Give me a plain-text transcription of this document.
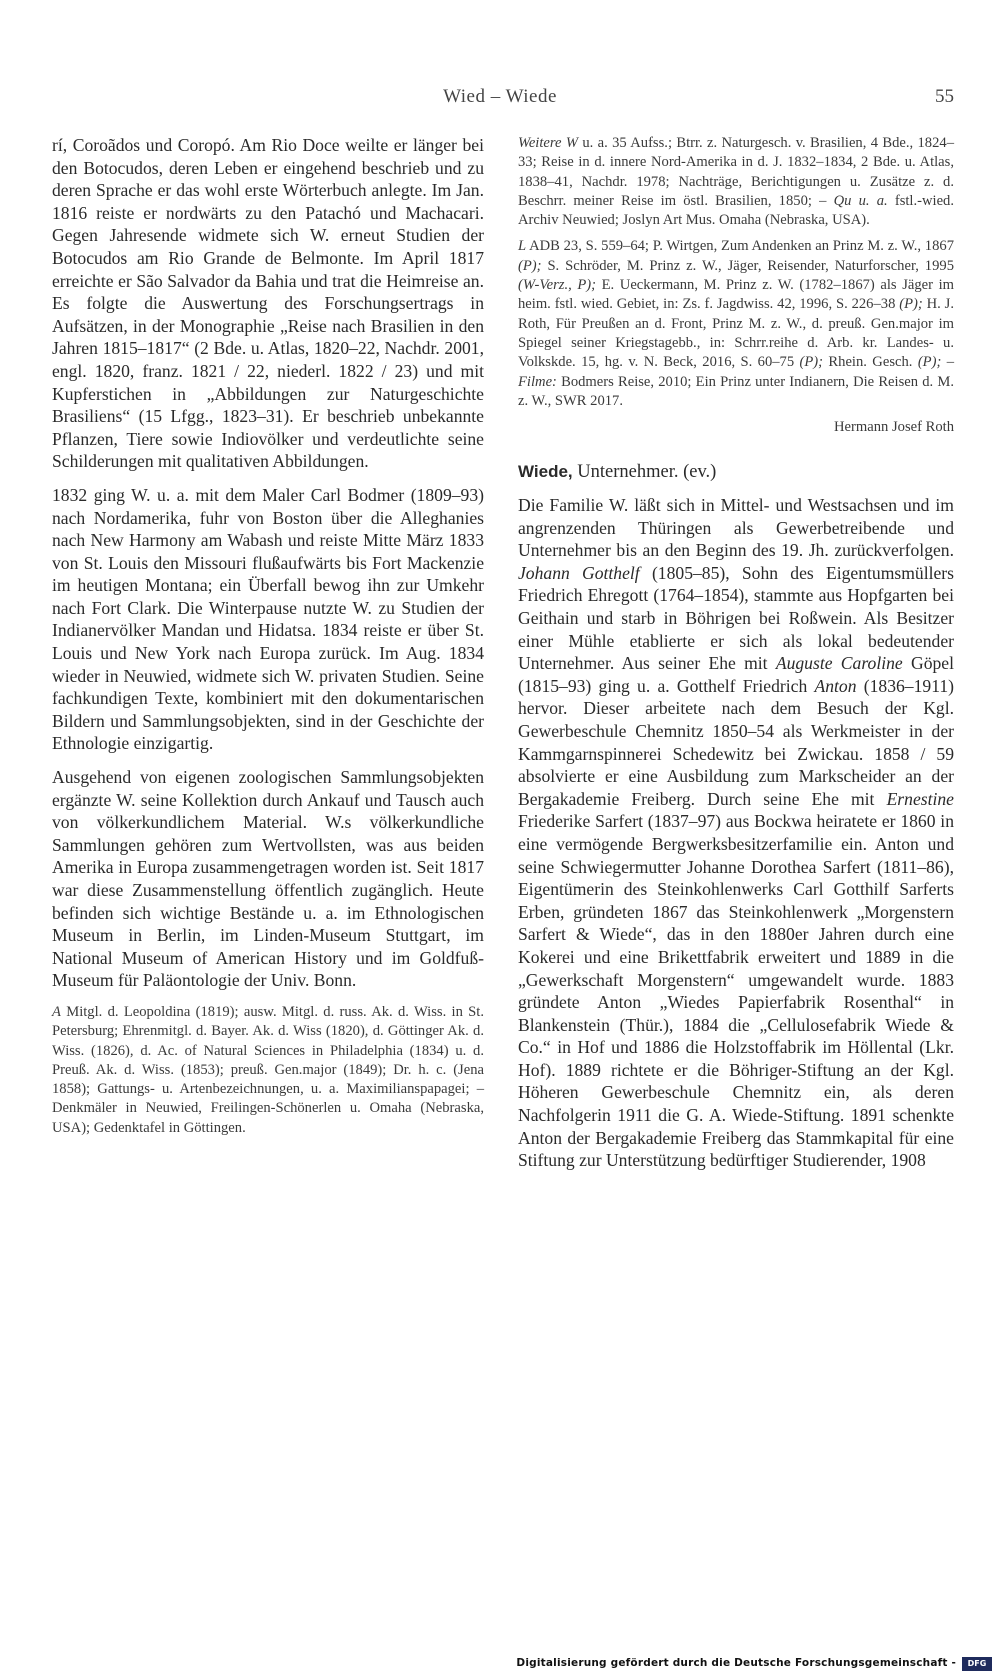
Wied – Wiede	55

rí, Coroãdos und Coropó. Am Rio Doce weilte er länger bei den Botocudos, deren Leben er eingehend beschrieb und zu deren Sprache er das wohl erste Wörterbuch anlegte. Im Jan. 1816 reiste er nordwärts zu den Patachó und Machacari. Gegen Jahresende widmete sich W. erneut Studien der Botocudos am Rio Grande de Belmonte. Im April 1817 erreichte er São Salvador da Bahia und trat die Heimreise an. Es folgte die Auswertung des Forschungsertrags in Aufsätzen, in der Monographie „Reise nach Brasilien in den Jahren 1815–1817“ (2 Bde. u. Atlas, 1820–22, Nachdr. 2001, engl. 1820, franz. 1821 / 22, niederl. 1822 / 23) und mit Kupferstichen in „Abbildungen zur Naturgeschichte Brasiliens“ (15 Lfgg., 1823–31). Er beschrieb unbekannte Pflanzen, Tiere sowie Indiovölker und verdeutlichte seine Schilderungen mit qualitativen Abbildungen.

1832 ging W. u. a. mit dem Maler Carl Bodmer (1809–93) nach Nordamerika, fuhr von Boston über die Alleghanies nach New Harmony am Wabash und reiste Mitte März 1833 von St. Louis den Missouri flußaufwärts bis Fort Mackenzie im heutigen Montana; ein Überfall bewog ihn zur Umkehr nach Fort Clark. Die Winterpause nutzte W. zu Studien der Indianervölker Mandan und Hidatsa. 1834 reiste er über St. Louis und New York nach Europa zurück. Im Aug. 1834 wieder in Neuwied, widmete sich W. privaten Studien. Seine fachkundigen Texte, kombiniert mit den dokumentarischen Bildern und Sammlungsobjekten, sind in der Geschichte der Ethnologie einzigartig.

Ausgehend von eigenen zoologischen Sammlungsobjekten ergänzte W. seine Kollektion durch Ankauf und Tausch auch von völkerkundlichem Material. W.s völkerkundliche Sammlungen gehören zum Wertvollsten, was aus beiden Amerika in Europa zusammengetragen worden ist. Seit 1817 war diese Zusammenstellung öffentlich zugänglich. Heute befinden sich wichtige Bestände u. a. im Ethnologischen Museum in Berlin, im Linden-Museum Stuttgart, im National Museum of American History und im Goldfuß-Museum für Paläontologie der Univ. Bonn.

A Mitgl. d. Leopoldina (1819); ausw. Mitgl. d. russ. Ak. d. Wiss. in St. Petersburg; Ehrenmitgl. d. Bayer. Ak. d. Wiss (1820), d. Göttinger Ak. d. Wiss. (1826), d. Ac. of Natural Sciences in Philadelphia (1834) u. d. Preuß. Ak. d. Wiss. (1853); preuß. Gen.major (1849); Dr. h. c. (Jena 1858); Gattungs- u. Artenbezeichnungen, u. a. Maximilianspapagei; – Denkmäler in Neuwied, Freilingen-Schönerlen u. Omaha (Nebraska, USA); Gedenktafel in Göttingen.

Weitere W u. a. 35 Aufss.; Btrr. z. Naturgesch. v. Brasilien, 4 Bde., 1824–33; Reise in d. innere Nord-Amerika in d. J. 1832–1834, 2 Bde. u. Atlas, 1838–41, Nachdr. 1978; Nachträge, Berichtigungen u. Zusätze z. d. Beschrr. meiner Reise im östl. Brasilien, 1850; – Qu u. a. fstl.-wied. Archiv Neuwied; Joslyn Art Mus. Omaha (Nebraska, USA).

L ADB 23, S. 559–64; P. Wirtgen, Zum Andenken an Prinz M. z. W., 1867 (P); S. Schröder, M. Prinz z. W., Jäger, Reisender, Naturforscher, 1995 (W-Verz., P); E. Ueckermann, M. Prinz z. W. (1782–1867) als Jäger im heim. fstl. wied. Gebiet, in: Zs. f. Jagdwiss. 42, 1996, S. 226–38 (P); H. J. Roth, Für Preußen an d. Front, Prinz M. z. W., d. preuß. Gen.major im Spiegel seiner Kriegstagebb., in: Schrr.reihe d. Arb. kr. Landes- u. Volkskde. 15, hg. v. N. Beck, 2016, S. 60–75 (P); Rhein. Gesch. (P); – Filme: Bodmers Reise, 2010; Ein Prinz unter Indianern, Die Reisen d. M. z. W., SWR 2017.

Hermann Josef Roth

Wiede, Unternehmer. (ev.)

Die Familie W. läßt sich in Mittel- und Westsachsen und im angrenzenden Thüringen als Gewerbetreibende und Unternehmer bis an den Beginn des 19. Jh. zurückverfolgen. Johann Gotthelf (1805–85), Sohn des Eigentumsmüllers Friedrich Ehregott (1764–1854), stammte aus Hopfgarten bei Geithain und starb in Böhrigen bei Roßwein. Als Besitzer einer Mühle etablierte er sich als lokal bedeutender Unternehmer. Aus seiner Ehe mit Auguste Caroline Göpel (1815–93) ging u. a. Gotthelf Friedrich Anton (1836–1911) hervor. Dieser arbeitete nach dem Besuch der Kgl. Gewerbeschule Chemnitz 1850–54 als Werkmeister in der Kammgarnspinnerei Schedewitz bei Zwickau. 1858 / 59 absolvierte er eine Ausbildung zum Markscheider an der Bergakademie Freiberg. Durch seine Ehe mit Ernestine Friederike Sarfert (1837–97) aus Bockwa heiratete er 1860 in eine vermögende Bergwerksbesitzerfamilie ein. Anton und seine Schwiegermutter Johanne Dorothea Sarfert (1811–86), Eigentümerin des Steinkohlenwerks Carl Gotthilf Sarferts Erben, gründeten 1867 das Steinkohlenwerk „Morgenstern Sarfert & Wiede“, das in den 1880er Jahren durch eine Kokerei und eine Brikettfabrik erweitert und 1889 in die „Gewerkschaft Morgenstern“ umgewandelt wurde. 1883 gründete Anton „Wiedes Papierfabrik Rosenthal“ in Blankenstein (Thür.), 1884 die „Cellulosefabrik Wiede & Co.“ in Hof und 1886 die Holzstoffabrik im Höllental (Lkr. Hof). 1889 richtete er die Böhriger-Stiftung an der Kgl. Höheren Gewerbeschule Chemnitz ein, als deren Nachfolgerin 1911 die G. A. Wiede-Stiftung. 1891 schenkte Anton der Bergakademie Freiberg das Stammkapital für eine Stiftung zur Unterstützung bedürftiger Studierender, 1908

Digitalisierung gefördert durch die Deutsche Forschungsgemeinschaft -	DFG
